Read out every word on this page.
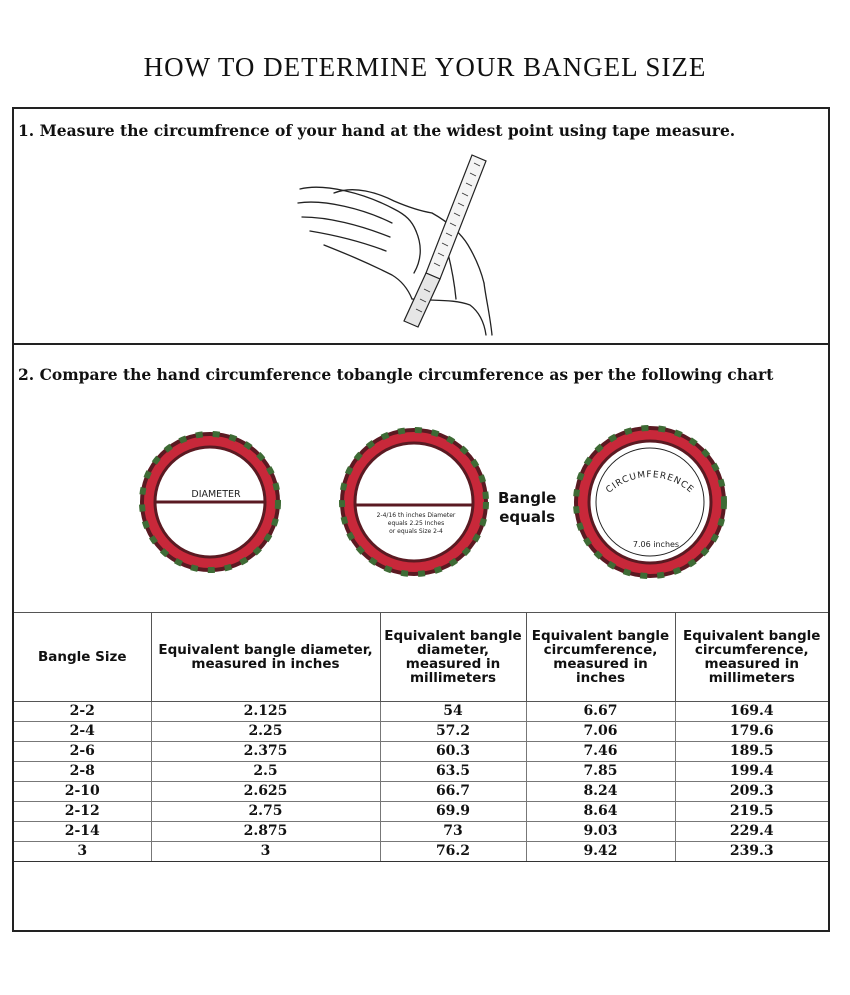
HOW TO DETERMINE YOUR BANGEL SIZE
1. Measure the circumfrence of your hand at the widest point using tape measure.
2. Compare the hand circumference tobangle circumference as per the following chart
DIAMETER
2-4/16 th inches Diameter
equals 2.25 Inches
or equals Size 2-4
CIRCUMFERENCE
7.06 inches
Bangle
equals
Bangle Size	Equivalent bangle diameter, measured in inches	Equivalent bangle diameter, measured in millimeters	Equivalent bangle circumference, measured in inches	Equivalent bangle circumference, measured in millimeters
2-2	2.125	54	6.67	169.4
2-4	2.25	57.2	7.06	179.6
2-6	2.375	60.3	7.46	189.5
2-8	2.5	63.5	7.85	199.4
2-10	2.625	66.7	8.24	209.3
2-12	2.75	69.9	8.64	219.5
2-14	2.875	73	9.03	229.4
3	3	76.2	9.42	239.3
